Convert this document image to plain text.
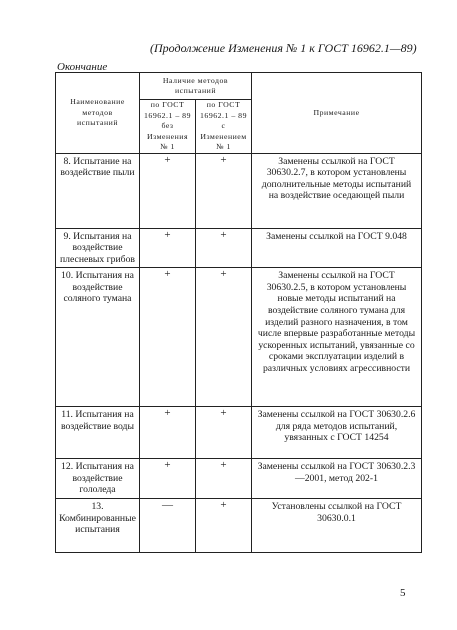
(Продолжение Изменения № 1 к ГОСТ 16962.1—89)
Окончание
Наименование методов испытаний	Наличие методов испытаний		Примечание
	по ГОСТ 16962.1 – 89 без Изменения № 1	по ГОСТ 16962.1 – 89 с Изменением № 1	
8. Испытание на воздействие пыли	+	+	Заменены ссылкой на ГОСТ 30630.2.7, в котором установлены дополнительные методы испытаний на воздействие оседающей пыли
9. Испытания на воздействие плесневых грибов	+	+	Заменены ссылкой на ГОСТ 9.048
10. Испытания на воздействие соляного тумана	+	+	Заменены ссылкой на ГОСТ 30630.2.5, в котором установлены новые методы испытаний на воздействие соляного тумана для изделий разного назначения, в том числе впервые разработанные методы ускоренных испытаний, увязанные со сроками эксплуатации изделий в различных условиях агрессивности
11. Испытания на воздействие воды	+	+	Заменены ссылкой на ГОСТ 30630.2.6 для ряда методов испытаний, увязанных с ГОСТ 14254
12. Испытания на воздействие гололеда	+	+	Заменены ссылкой на ГОСТ 30630.2.3—2001, метод 202-1
13. Комбинированные испытания	—	+	Установлены ссылкой на ГОСТ 30630.0.1
5
